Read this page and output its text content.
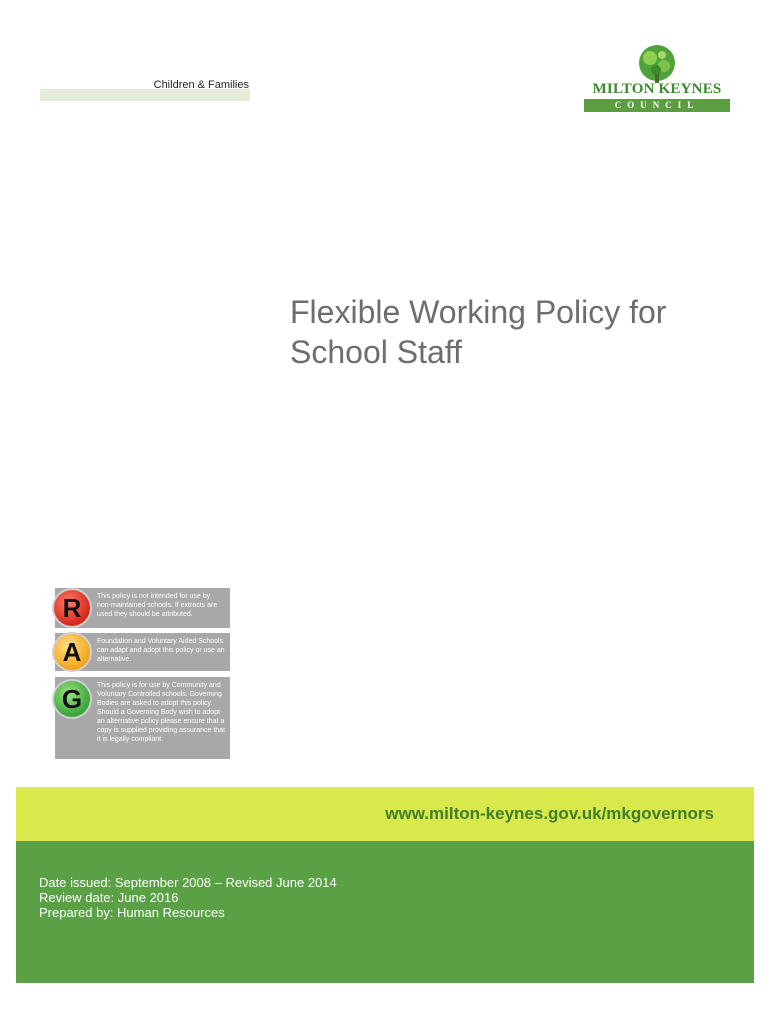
Children & Families	MILTON KEYNES
COUNCIL
Flexible Working Policy for
School Staff
R	This policy is not intended for use by non-maintained schools. If extracts are used they should be attributed.
A	Foundation and Voluntary Aided Schools can adapt and adopt this policy or use an alternative.
G	This policy is for use by Community and Voluntary Controlled schools. Governing Bodies are asked to adopt this policy. Should a Governing Body wish to adopt an alternative policy please ensure that a copy is supplied providing assurance that it is legally compliant.
www.milton-keynes.gov.uk/mkgovernors
Date issued: September 2008 – Revised June 2014
Review date: June 2016
Prepared by: Human Resources
